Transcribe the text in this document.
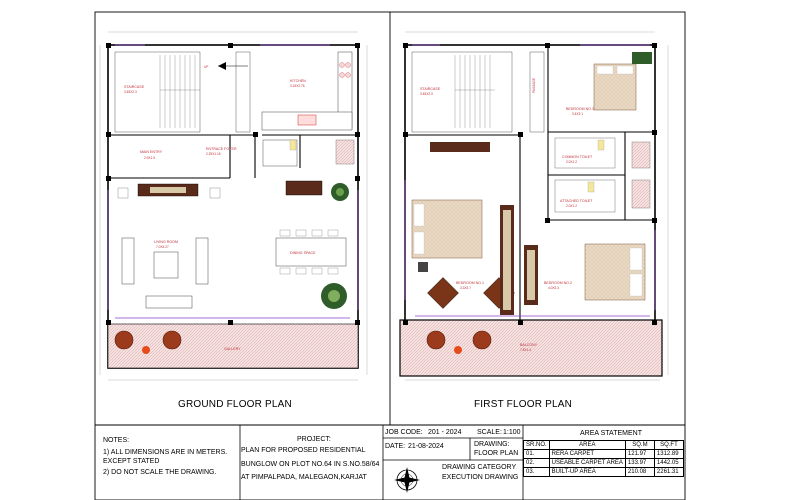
STAIRCASE
3.45X2.3
UP
KITCHEN
3.15X2.75
MAIN ENTRY
2.9X1.5
ENTRACE FOYER
2.25X1.18
LIVING ROOM
7.0X4.27
DINING SPACE
GALLERY
STAIRCASE
3.45X2.3
PASSAGE
BEDROOM NO.3
3.4X3.1
COMMON TOILET
2.0X1.2
ATTACHED TOILET
2.0X1.2
BEDROOM NO.1
3.3X3.7
BEDROOM NO.2
4.0X3.3
BALCONY
7.5X1.4
GROUND FLOOR PLAN	FIRST FLOOR PLAN
NOTES:
1) ALL DIMENSIONS ARE IN METERS.
EXCEPT STATED
2) DO NOT SCALE THE DRAWING.
PROJECT:
PLAN FOR PROPOSED RESIDENTIAL
BUNGLOW ON PLOT NO.64 IN S.NO.58/64
AT PIMPALPADA, MALEGAON,KARJAT
JOB CODE: 201 - 2024 SCALE: 1:100
DATE: 21-08-2024	DRAWING:
FLOOR PLAN
DRAWING CATEGORY
EXECUTION DRAWING
AREA STATEMENT
SR.NO.	AREA	SQ.M	SQ.FT
01.	RERA CARPET	121.97	1312.89
02.	USEABLE CARPET AREA	133.97	1442.05
03.	BUILT-UP AREA	210.08	2261.31
